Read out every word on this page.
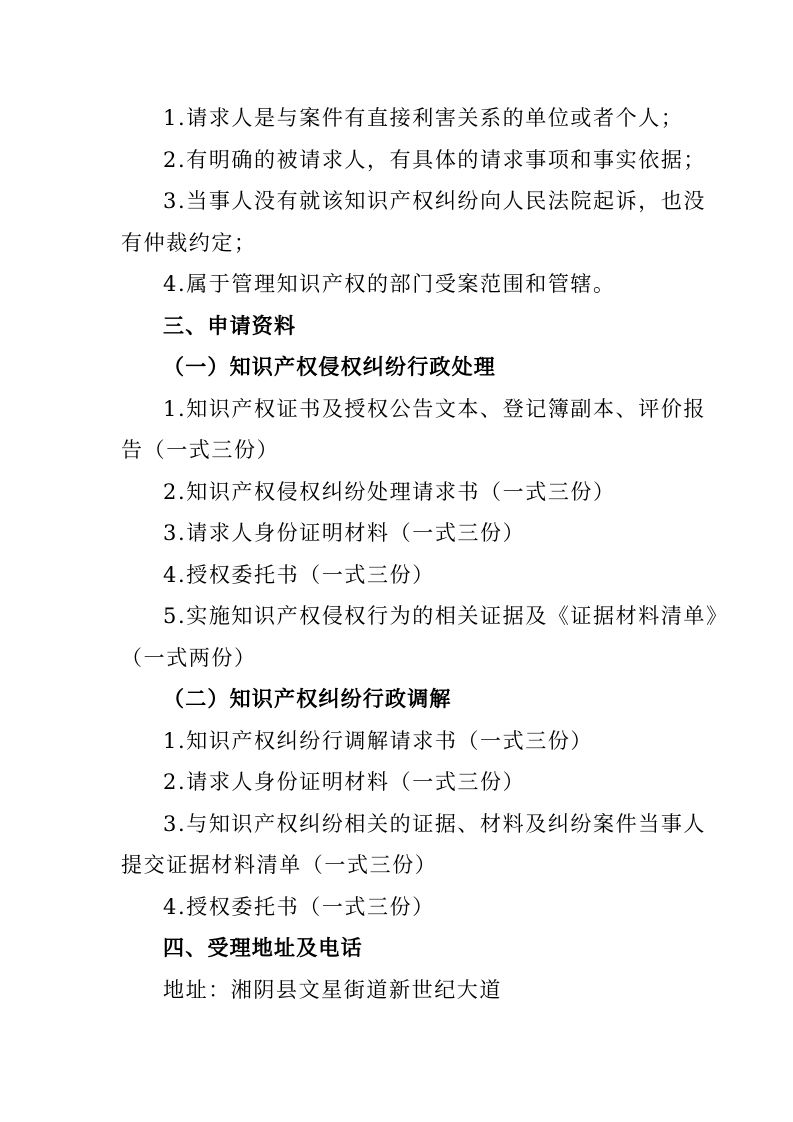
1.请求人是与案件有直接利害关系的单位或者个人；
2.有明确的被请求人，有具体的请求事项和事实依据；
3.当事人没有就该知识产权纠纷向人民法院起诉，也没
有仲裁约定；
4.属于管理知识产权的部门受案范围和管辖。
三、申请资料
（一）知识产权侵权纠纷行政处理
1.知识产权证书及授权公告文本、登记簿副本、评价报
告（一式三份）
2.知识产权侵权纠纷处理请求书（一式三份）
3.请求人身份证明材料（一式三份）
4.授权委托书（一式三份）
5.实施知识产权侵权行为的相关证据及《证据材料清单》
（一式两份）
（二）知识产权纠纷行政调解
1.知识产权纠纷行调解请求书（一式三份）
2.请求人身份证明材料（一式三份）
3.与知识产权纠纷相关的证据、材料及纠纷案件当事人
提交证据材料清单（一式三份）
4.授权委托书（一式三份）
四、受理地址及电话
地址：湘阴县文星街道新世纪大道
